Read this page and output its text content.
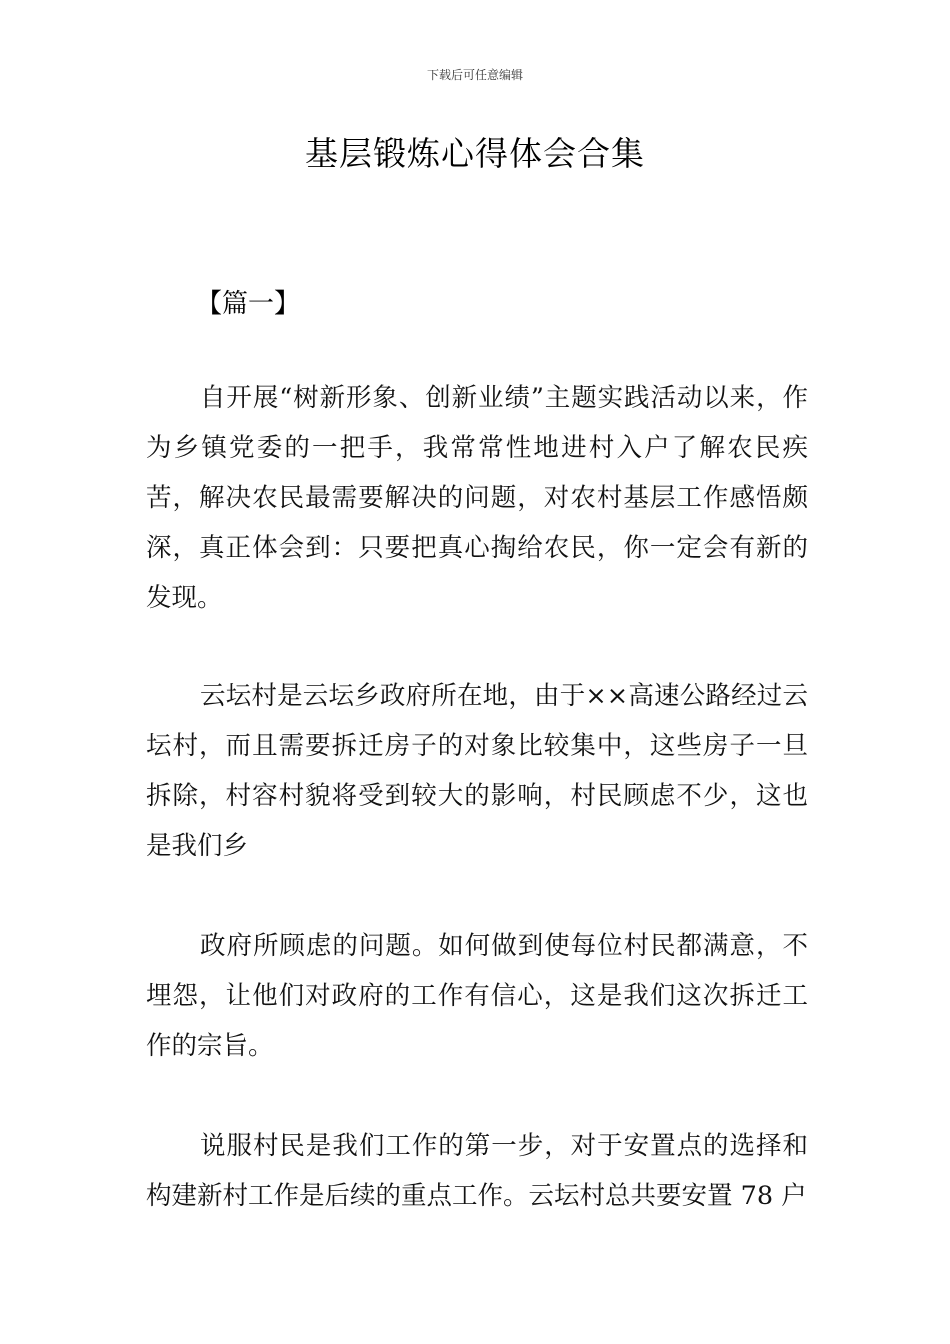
下载后可任意编辑
基层锻炼心得体会合集

【篇一】

自开展“树新形象、创新业绩”主题实践活动以来，作为乡镇党委的一把手，我常常性地进村入户了解农民疾苦，解决农民最需要解决的问题，对农村基层工作感悟颇深，真正体会到：只要把真心掏给农民，你一定会有新的发现。

云坛村是云坛乡政府所在地，由于××高速公路经过云坛村，而且需要拆迁房子的对象比较集中，这些房子一旦拆除，村容村貌将受到较大的影响，村民顾虑不少，这也是我们乡

政府所顾虑的问题。如何做到使每位村民都满意，不埋怨，让他们对政府的工作有信心，这是我们这次拆迁工作的宗旨。

说服村民是我们工作的第一步，对于安置点的选择和构建新村工作是后续的重点工作。云坛村总共要安置 78 户
